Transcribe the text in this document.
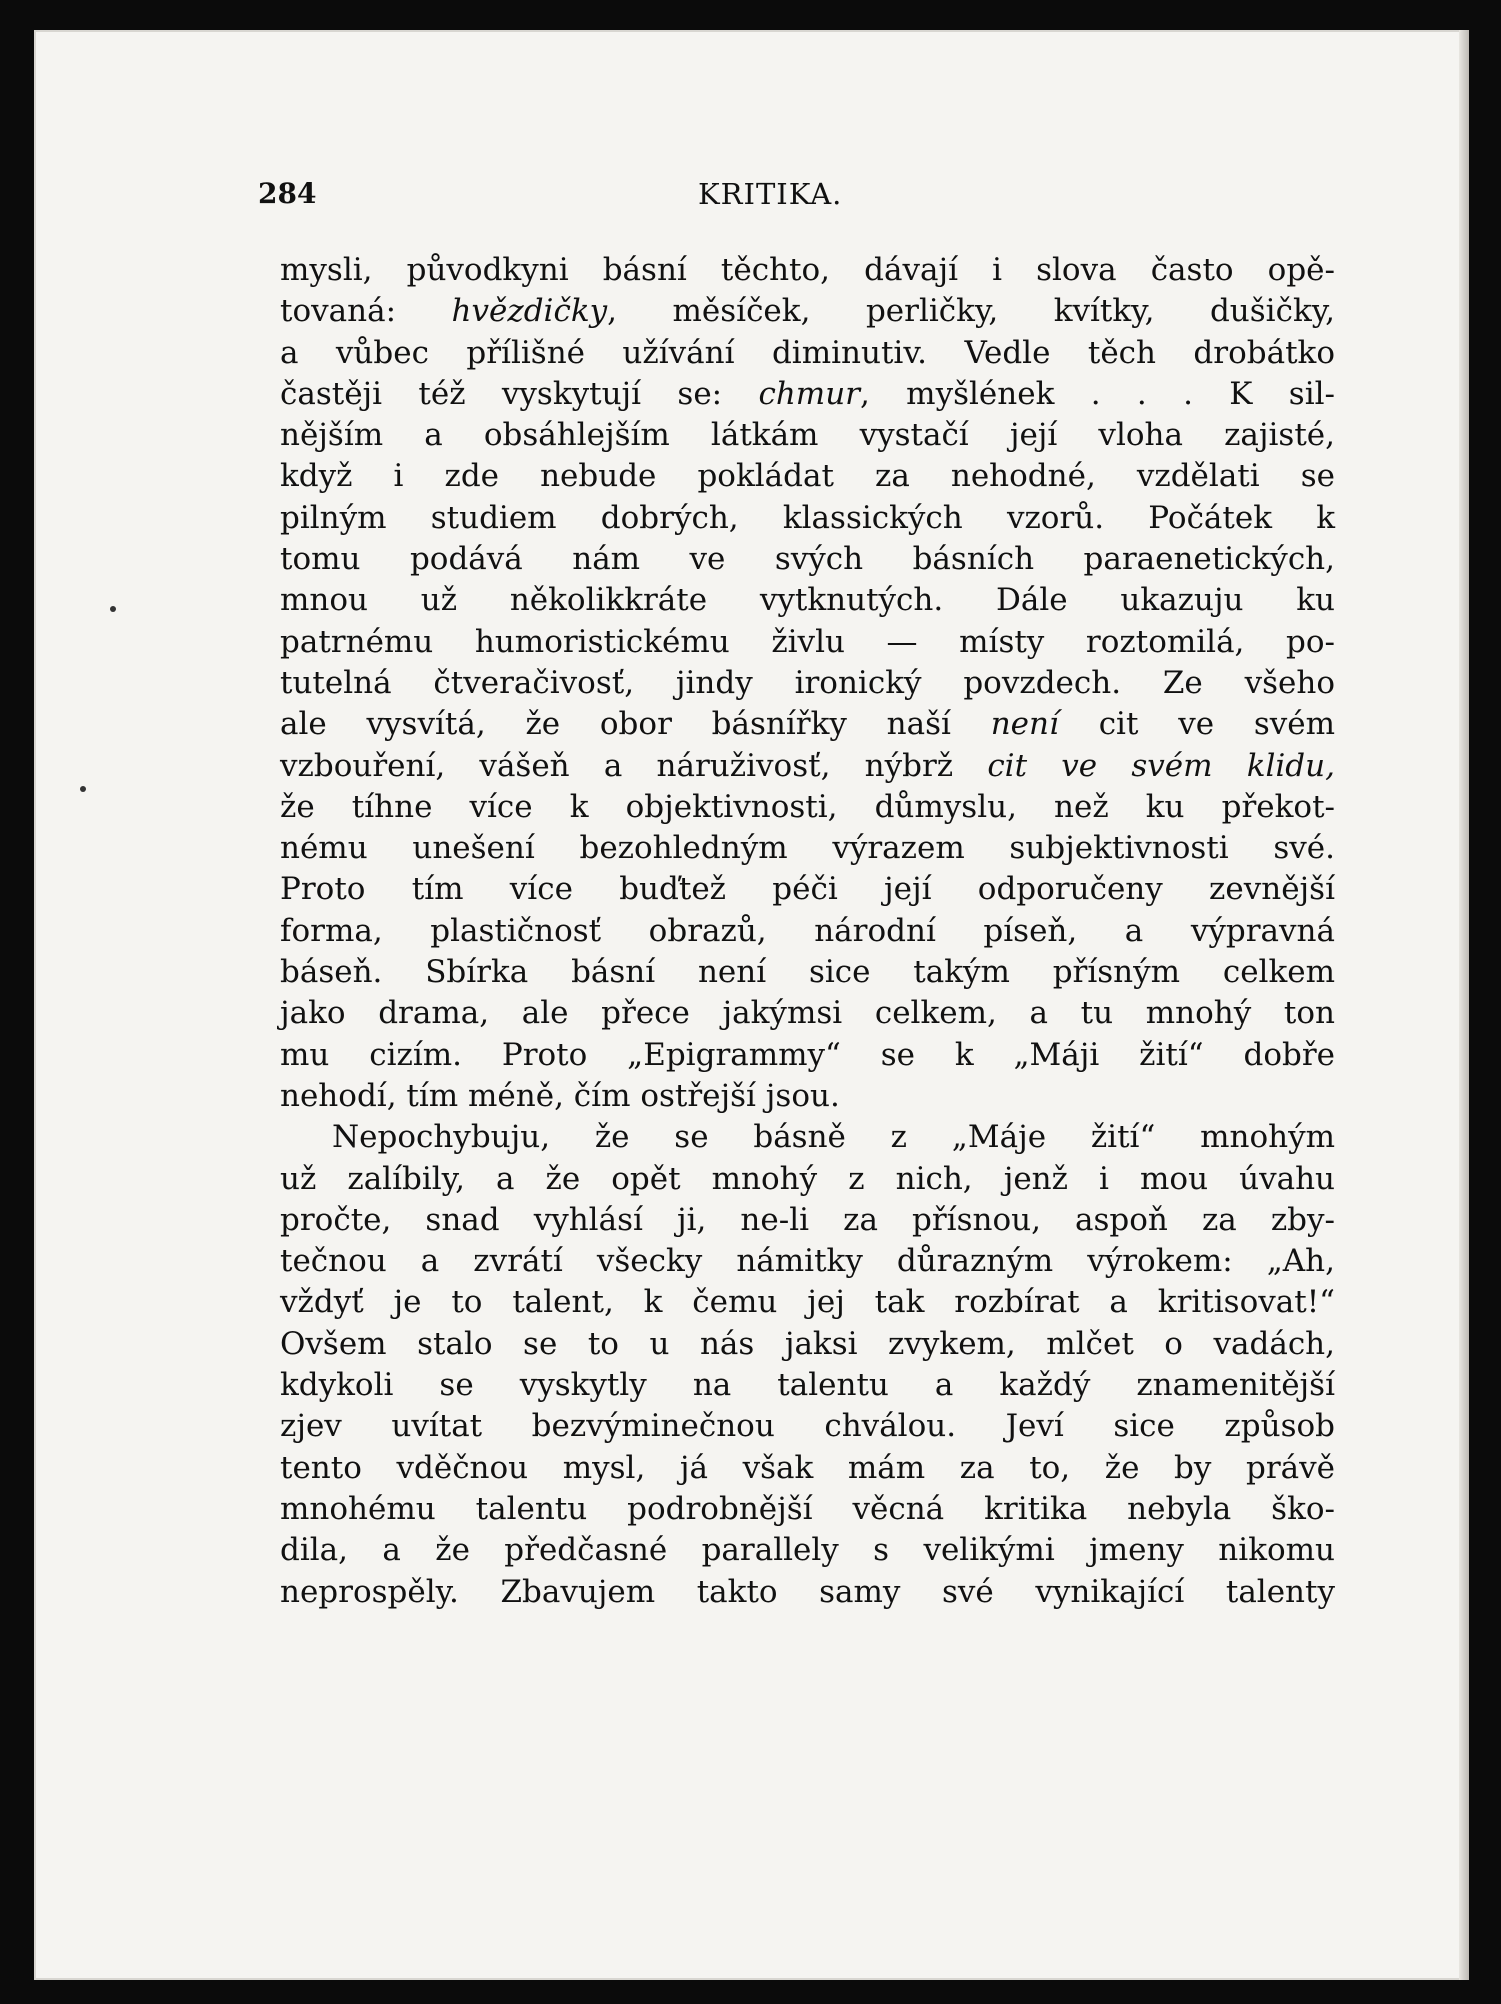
284	KRITIKA.
mysli, původkyni básní těchto, dávají i slova často opě-
tovaná: hvězdičky, měsíček, perličky, kvítky, dušičky,
a vůbec přílišné užívání diminutiv. Vedle těch drobátko
častěji též vyskytují se: chmur, myšlének . . . K sil-
nějším a obsáhlejším látkám vystačí její vloha zajisté,
když i zde nebude pokládat za nehodné, vzdělati se
pilným studiem dobrých, klassických vzorů. Počátek k
tomu podává nám ve svých básních paraenetických,
mnou už několikkráte vytknutých. Dále ukazuju ku
patrnému humoristickému živlu — místy roztomilá, po-
tutelná čtveračivosť, jindy ironický povzdech. Ze všeho
ale vysvítá, že obor básnířky naší není cit ve svém
vzbouření, vášeň a náruživosť, nýbrž cit ve svém klidu,
že tíhne více k objektivnosti, důmyslu, než ku překot-
nému unešení bezohledným výrazem subjektivnosti své.
Proto tím více buďtež péči její odporučeny zevnější
forma, plastičnosť obrazů, národní píseň, a výpravná
báseň. Sbírka básní není sice takým přísným celkem
jako drama, ale přece jakýmsi celkem, a tu mnohý ton
mu cizím. Proto „Epigrammy“ se k „Máji žití“ dobře
nehodí, tím méně, čím ostřejší jsou.
Nepochybuju, že se básně z „Máje žití“ mnohým
už zalíbily, a že opět mnohý z nich, jenž i mou úvahu
pročte, snad vyhlásí ji, ne-li za přísnou, aspoň za zby-
tečnou a zvrátí všecky námitky důrazným výrokem: „Ah,
vždyť je to talent, k čemu jej tak rozbírat a kritisovat!“
Ovšem stalo se to u nás jaksi zvykem, mlčet o vadách,
kdykoli se vyskytly na talentu a každý znamenitější
zjev uvítat bezvýminečnou chválou. Jeví sice způsob
tento vděčnou mysl, já však mám za to, že by právě
mnohému talentu podrobnější věcná kritika nebyla ško-
dila, a že předčasné parallely s velikými jmeny nikomu
neprospěly. Zbavujem takto samy své vynikající talenty
